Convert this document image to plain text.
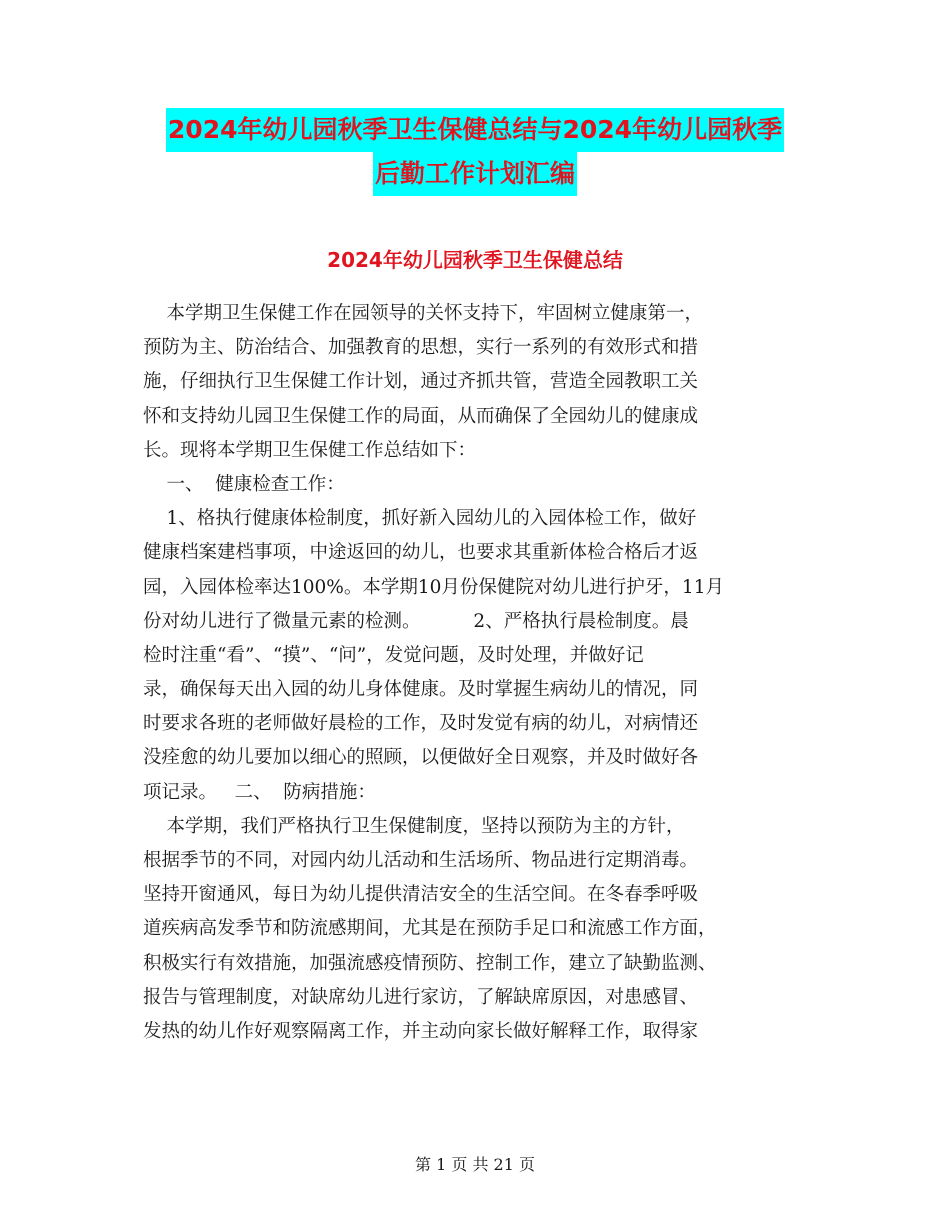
2024年幼儿园秋季卫生保健总结与2024年幼儿园秋季
后勤工作计划汇编
2024年幼儿园秋季卫生保健总结
本学期卫生保健工作在园领导的关怀支持下，牢固树立健康第一，
预防为主、防治结合、加强教育的思想，实行一系列的有效形式和措
施，仔细执行卫生保健工作计划，通过齐抓共管，营造全园教职工关
怀和支持幼儿园卫生保健工作的局面，从而确保了全园幼儿的健康成
长。现将本学期卫生保健工作总结如下：
一、  健康检查工作：
1、格执行健康体检制度，抓好新入园幼儿的入园体检工作，做好
健康档案建档事项，中途返回的幼儿，也要求其重新体检合格后才返
园，入园体检率达100%。本学期10月份保健院对幼儿进行护牙，11月
份对幼儿进行了微量元素的检测。         2、严格执行晨检制度。晨
检时注重“看”、“摸”、“问”，发觉问题，及时处理，并做好记
录，确保每天出入园的幼儿身体健康。及时掌握生病幼儿的情况，同
时要求各班的老师做好晨检的工作，及时发觉有病的幼儿，对病情还
没痊愈的幼儿要加以细心的照顾，以便做好全日观察，并及时做好各
项记录。   二、  防病措施：
本学期，我们严格执行卫生保健制度，坚持以预防为主的方针，
根据季节的不同，对园内幼儿活动和生活场所、物品进行定期消毒。
坚持开窗通风，每日为幼儿提供清洁安全的生活空间。在冬春季呼吸
道疾病高发季节和防流感期间，尤其是在预防手足口和流感工作方面，
积极实行有效措施，加强流感疫情预防、控制工作，建立了缺勤监测、
报告与管理制度，对缺席幼儿进行家访，了解缺席原因，对患感冒、
发热的幼儿作好观察隔离工作，并主动向家长做好解释工作，取得家
第 1 页 共 21 页
